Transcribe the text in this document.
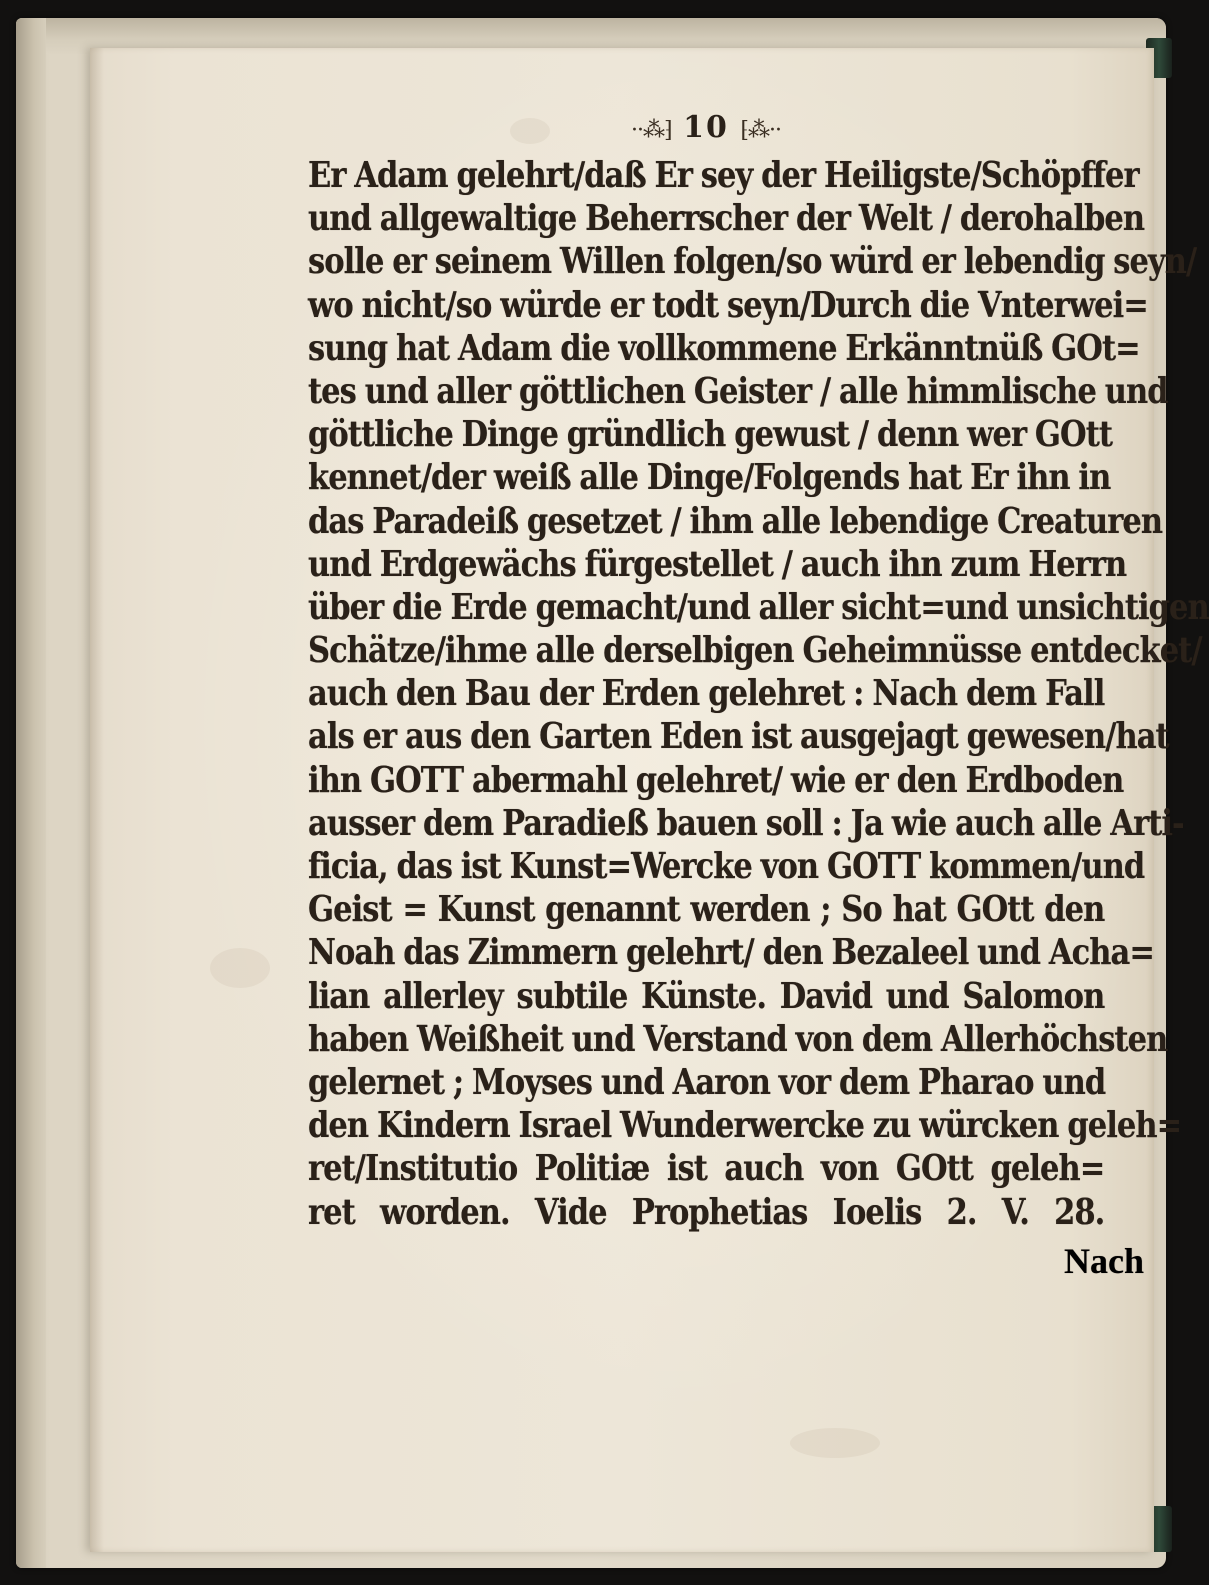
··⁂⁆ 10 ⁅⁂··
Er Adam gelehrt/daß Er sey der Heiligste/Schöpffer
und allgewaltige Beherrscher der Welt / derohalben
solle er seinem Willen folgen/so würd er lebendig seyn/
wo nicht/so würde er todt seyn/Durch die Vnterwei=
sung hat Adam die vollkommene Erkänntnüß GOt=
tes und aller göttlichen Geister / alle himmlische und
göttliche Dinge gründlich gewust / denn wer GOtt
kennet/der weiß alle Dinge/Folgends hat Er ihn in
das Paradeiß gesetzet / ihm alle lebendige Creaturen
und Erdgewächs fürgestellet / auch ihn zum Herrn
über die Erde gemacht/und aller sicht=und unsichtigen
Schätze/ihme alle derselbigen Geheimnüsse entdecket/
auch den Bau der Erden gelehret : Nach dem Fall
als er aus den Garten Eden ist ausgejagt gewesen/hat
ihn GOTT abermahl gelehret/ wie er den Erdboden
ausser dem Paradieß bauen soll : Ja wie auch alle Arti-
ficia, das ist Kunst=Wercke von GOTT kommen/und
Geist = Kunst genannt werden ; So hat GOtt den
Noah das Zimmern gelehrt/ den Bezaleel und Acha=
lian allerley subtile Künste. David und Salomon
haben Weißheit und Verstand von dem Allerhöchsten
gelernet ; Moyses und Aaron vor dem Pharao und
den Kindern Israel Wunderwercke zu würcken geleh=
ret/Institutio Politiæ ist auch von GOtt geleh=
ret worden. Vide Prophetias Ioelis 2. V. 28.
Nach
